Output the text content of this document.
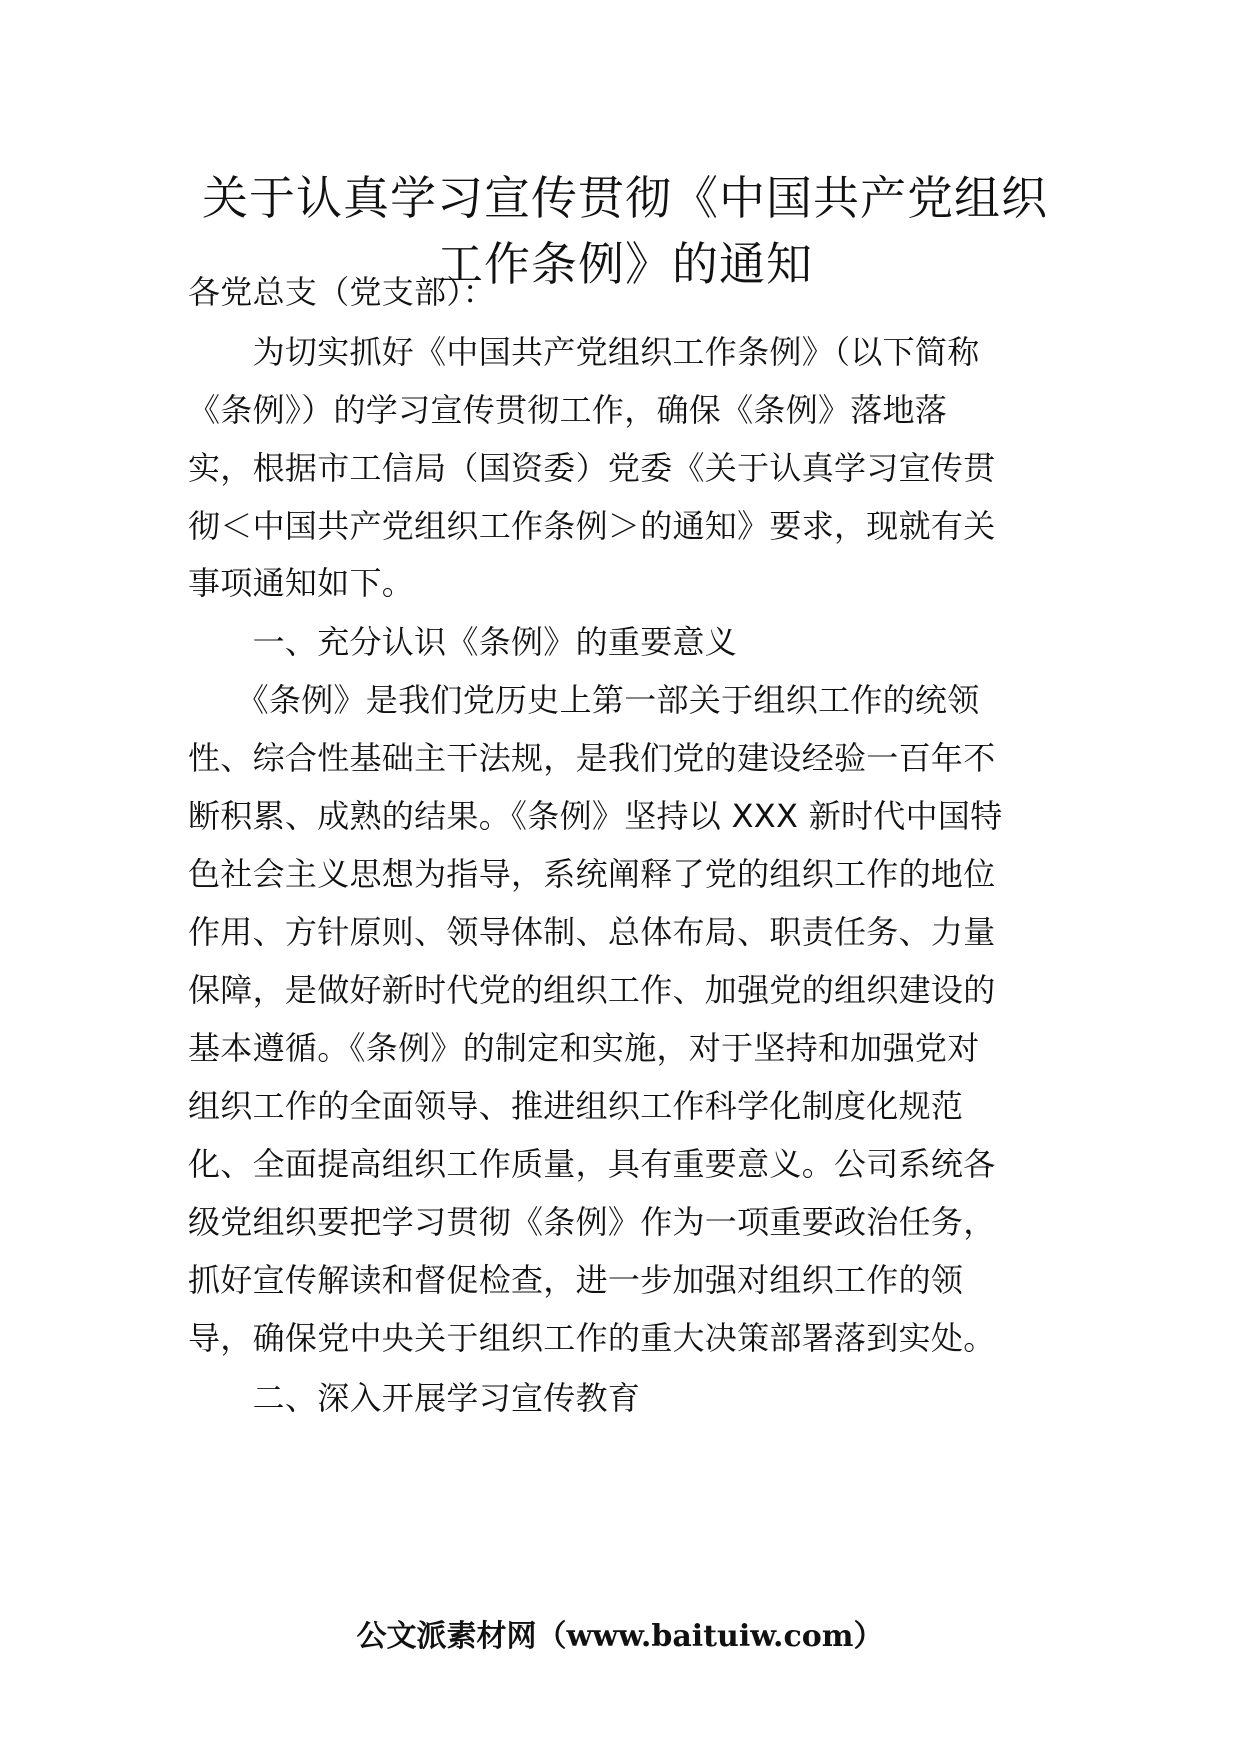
关于认真学习宣传贯彻《中国共产党组织
工作条例》的通知
各党总支（党支部）：
　　为切实抓好《中国共产党组织工作条例》（以下简称
《条例》）的学习宣传贯彻工作，确保《条例》落地落
实，根据市工信局（国资委）党委《关于认真学习宣传贯
彻＜中国共产党组织工作条例＞的通知》要求，现就有关
事项通知如下。
　　一、充分认识《条例》的重要意义
　　《条例》是我们党历史上第一部关于组织工作的统领
性、综合性基础主干法规，是我们党的建设经验一百年不
断积累、成熟的结果。《条例》坚持以 XXX 新时代中国特
色社会主义思想为指导，系统阐释了党的组织工作的地位
作用、方针原则、领导体制、总体布局、职责任务、力量
保障，是做好新时代党的组织工作、加强党的组织建设的
基本遵循。《条例》的制定和实施，对于坚持和加强党对
组织工作的全面领导、推进组织工作科学化制度化规范
化、全面提高组织工作质量，具有重要意义。公司系统各
级党组织要把学习贯彻《条例》作为一项重要政治任务，
抓好宣传解读和督促检查，进一步加强对组织工作的领
导，确保党中央关于组织工作的重大决策部署落到实处。
　　二、深入开展学习宣传教育
公文派素材网（www.baituiw.com）
